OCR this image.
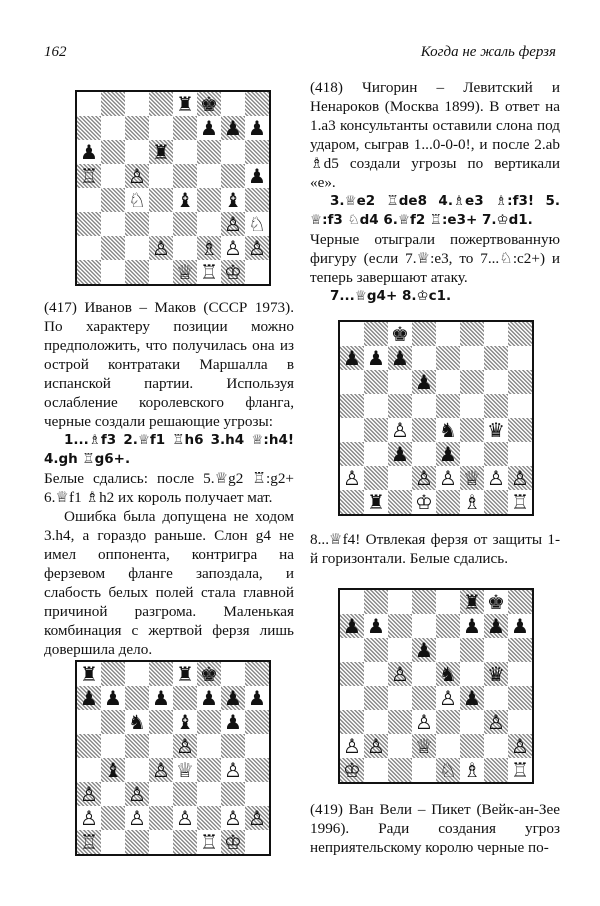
162	Когда не жаль ферзя
♜ ♚
♟ ♟ ♟
♟	♜
♖ ♙	♟
♘ ♝ ♝
♙ ♘
♙ ♗ ♙ ♙
♕ ♖ ♔

(417) Иванов – Маков (СССР 1973). По характеру позиции можно предположить, что получилась она из острой контратаки Маршалла в испанской партии. Используя ослабление королевского фланга, черные создали решающие угрозы:

1...♗f3 2.♕f1 ♖h6 3.h4 ♕:h4! 4.gh ♖g6+.

Белые сдались: после 5.♕g2 ♖:g2+ 6.♕f1 ♗h2 их король получает мат.

Ошибка была допущена не ходом 3.h4, а гораздо раньше. Слон g4 не имел оппонента, контригра на ферзевом фланге запоздала, и слабость белых полей стала главной причиной разгрома. Маленькая комбинация с жертвой ферзя лишь довершила дело.

♜	♜ ♚
♟ ♟ ♟ ♟ ♟ ♟
♞ ♝ ♟
♙
♝ ♙ ♕ ♙
♙ ♙
♙ ♙ ♙ ♙ ♙
♖	♖ ♔

(418) Чигорин – Левитский и Ненароков (Москва 1899). В ответ на 1.а3 консультанты оставили слона под ударом, сыграв 1...0-0-0!, и после 2.ab ♗d5 создали угрозы по вертикали «е».

3.♕e2 ♖de8 4.♗e3 ♗:f3! 5. ♕:f3 ♘d4 6.♕f2 ♖:e3+ 7.♔d1.

Черные отыграли пожертвованную фигуру (если 7.♕:e3, то 7...♘:c2+) и теперь завершают атаку.

7...♕g4+ 8.♔c1.

♚
♟ ♟ ♟
♟
♙ ♞ ♛
♟ ♟
♙	♙ ♙ ♕ ♙ ♙
♜ ♔ ♗ ♖

8...♕f4! Отвлекая ферзя от защиты 1-й горизонтали. Белые сдались.

♜ ♚
♟ ♟	♟ ♟ ♟
♟
♙ ♞ ♛
♙ ♟
♙	♙
♙ ♙ ♕	♙
♔	♘ ♗ ♖

(419) Ван Вели – Пикет (Вейк-ан-Зее 1996). Ради создания угроз неприятельскому королю черные по-
